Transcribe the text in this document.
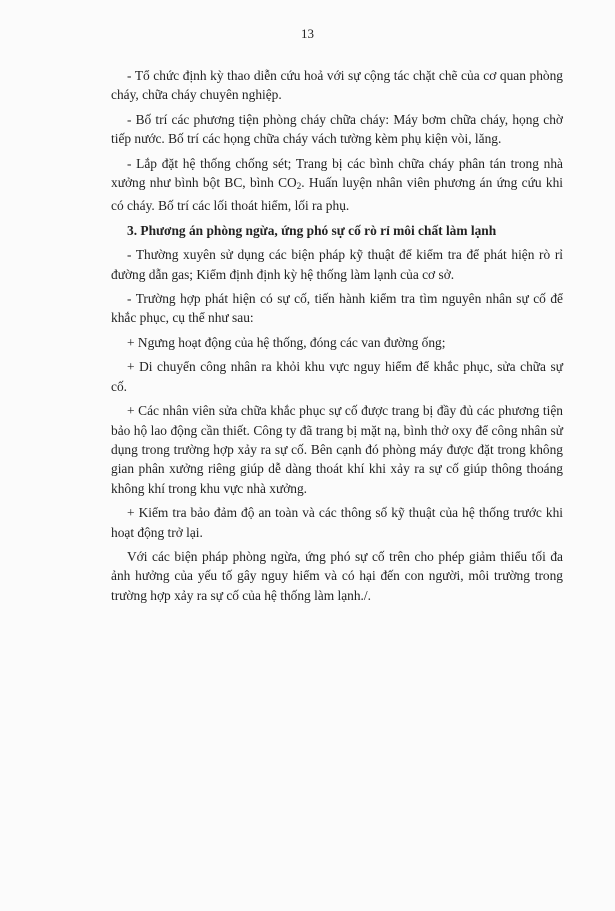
13

- Tổ chức định kỳ thao diễn cứu hoả với sự cộng tác chặt chẽ của cơ quan phòng cháy, chữa cháy chuyên nghiệp.

- Bố trí các phương tiện phòng cháy chữa cháy: Máy bơm chữa cháy, họng chờ tiếp nước. Bố trí các họng chữa cháy vách tường kèm phụ kiện vòi, lăng.

- Lắp đặt hệ thống chống sét; Trang bị các bình chữa cháy phân tán trong nhà xưởng như bình bột BC, bình $CO_2$. Huấn luyện nhân viên phương án ứng cứu khi có cháy. Bố trí các lối thoát hiểm, lối ra phụ.

3. Phương án phòng ngừa, ứng phó sự cố rò rỉ môi chất làm lạnh

- Thường xuyên sử dụng các biện pháp kỹ thuật để kiểm tra để phát hiện rò rỉ đường dẫn gas; Kiểm định định kỳ hệ thống làm lạnh của cơ sở.

- Trường hợp phát hiện có sự cố, tiến hành kiểm tra tìm nguyên nhân sự cố để khắc phục, cụ thể như sau:

+ Ngưng hoạt động của hệ thống, đóng các van đường ống;

+ Di chuyển công nhân ra khỏi khu vực nguy hiểm để khắc phục, sửa chữa sự cố.

+ Các nhân viên sửa chữa khắc phục sự cố được trang bị đầy đủ các phương tiện bảo hộ lao động cần thiết. Công ty đã trang bị mặt nạ, bình thở oxy để công nhân sử dụng trong trường hợp xảy ra sự cố. Bên cạnh đó phòng máy được đặt trong không gian phân xưởng riêng giúp dễ dàng thoát khí khi xảy ra sự cố giúp thông thoáng không khí trong khu vực nhà xưởng.

+ Kiểm tra bảo đảm độ an toàn và các thông số kỹ thuật của hệ thống trước khi hoạt động trở lại.

Với các biện pháp phòng ngừa, ứng phó sự cố trên cho phép giảm thiểu tối đa ảnh hưởng của yếu tố gây nguy hiểm và có hại đến con người, môi trường trong trường hợp xảy ra sự cố của hệ thống làm lạnh./.
